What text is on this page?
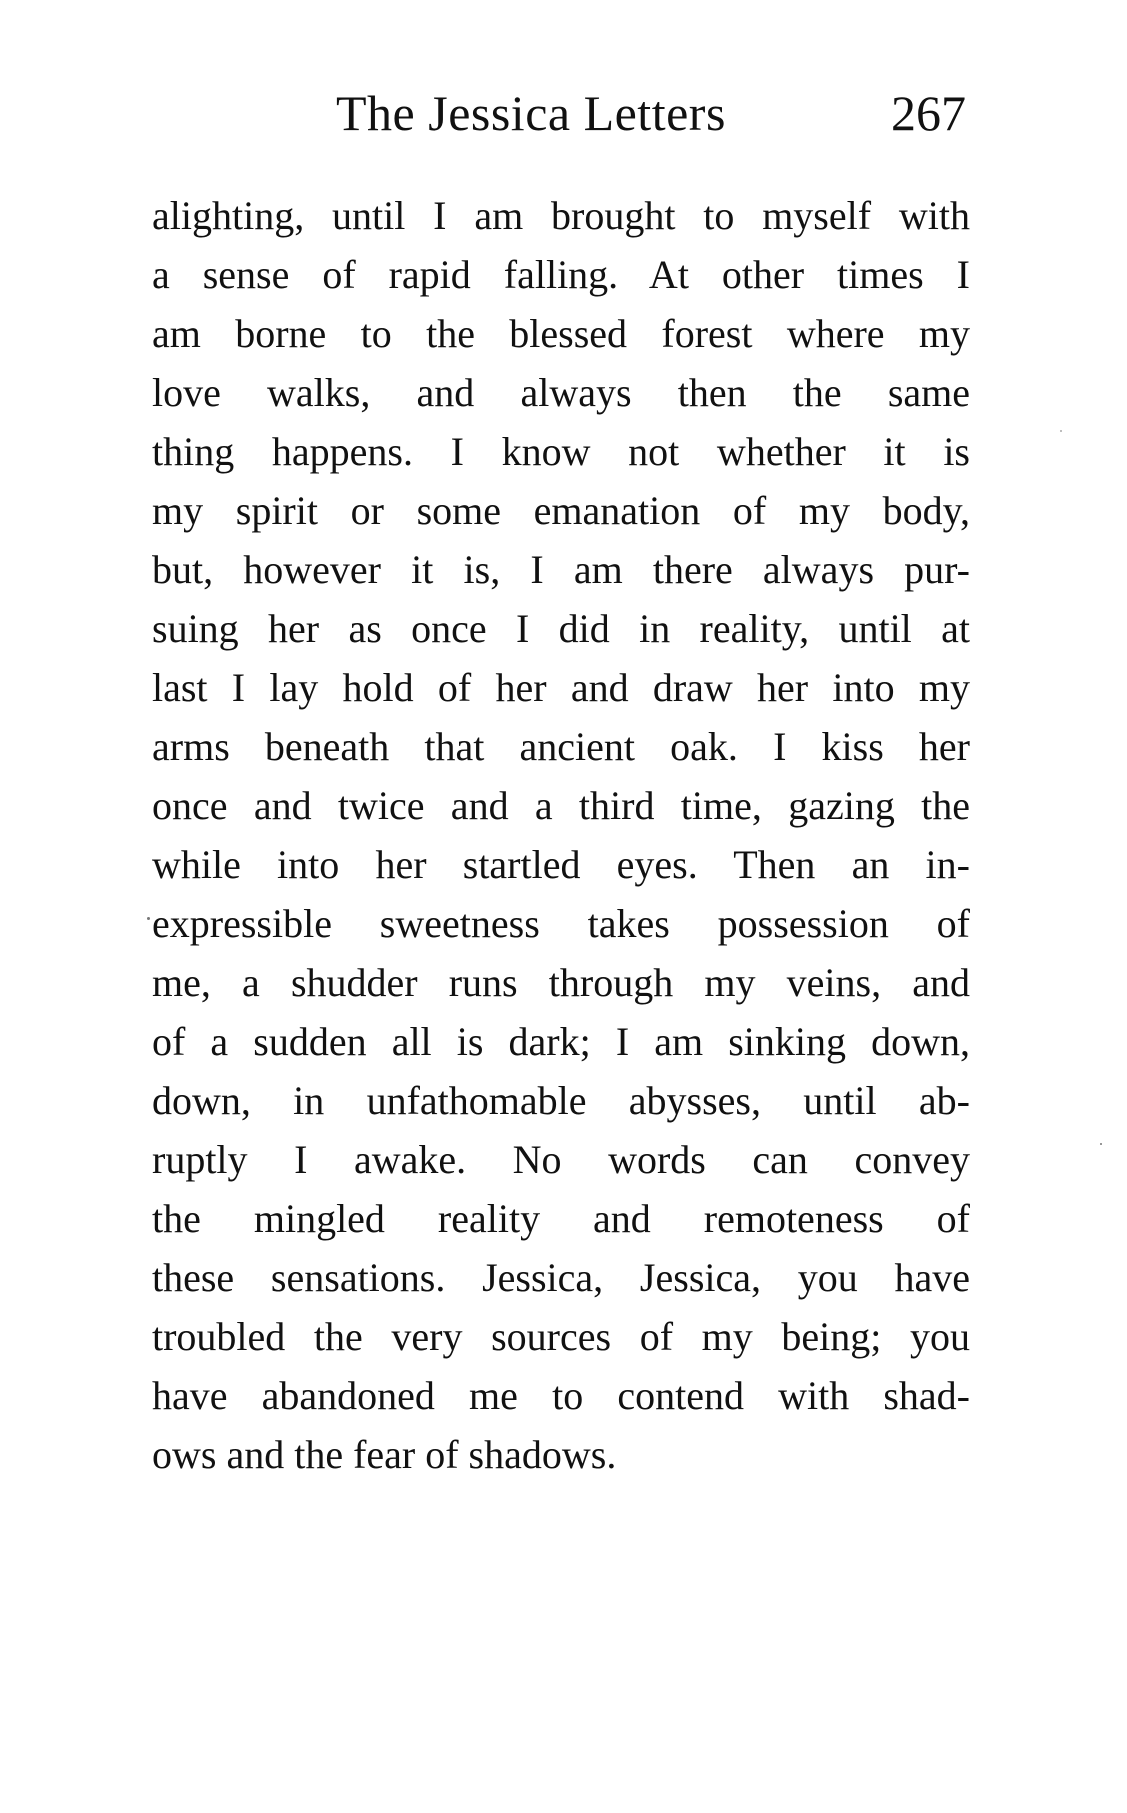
The Jessica Letters	267
alighting, until I am brought to myself with
a sense of rapid falling. At other times I
am borne to the blessed forest where my
love walks, and always then the same
thing happens. I know not whether it is
my spirit or some emanation of my body,
but, however it is, I am there always pur-
suing her as once I did in reality, until at
last I lay hold of her and draw her into my
arms beneath that ancient oak. I kiss her
once and twice and a third time, gazing the
while into her startled eyes. Then an in-
expressible sweetness takes possession of
me, a shudder runs through my veins, and
of a sudden all is dark; I am sinking down,
down, in unfathomable abysses, until ab-
ruptly I awake. No words can convey
the mingled reality and remoteness of
these sensations. Jessica, Jessica, you have
troubled the very sources of my being; you
have abandoned me to contend with shad-
ows and the fear of shadows.
